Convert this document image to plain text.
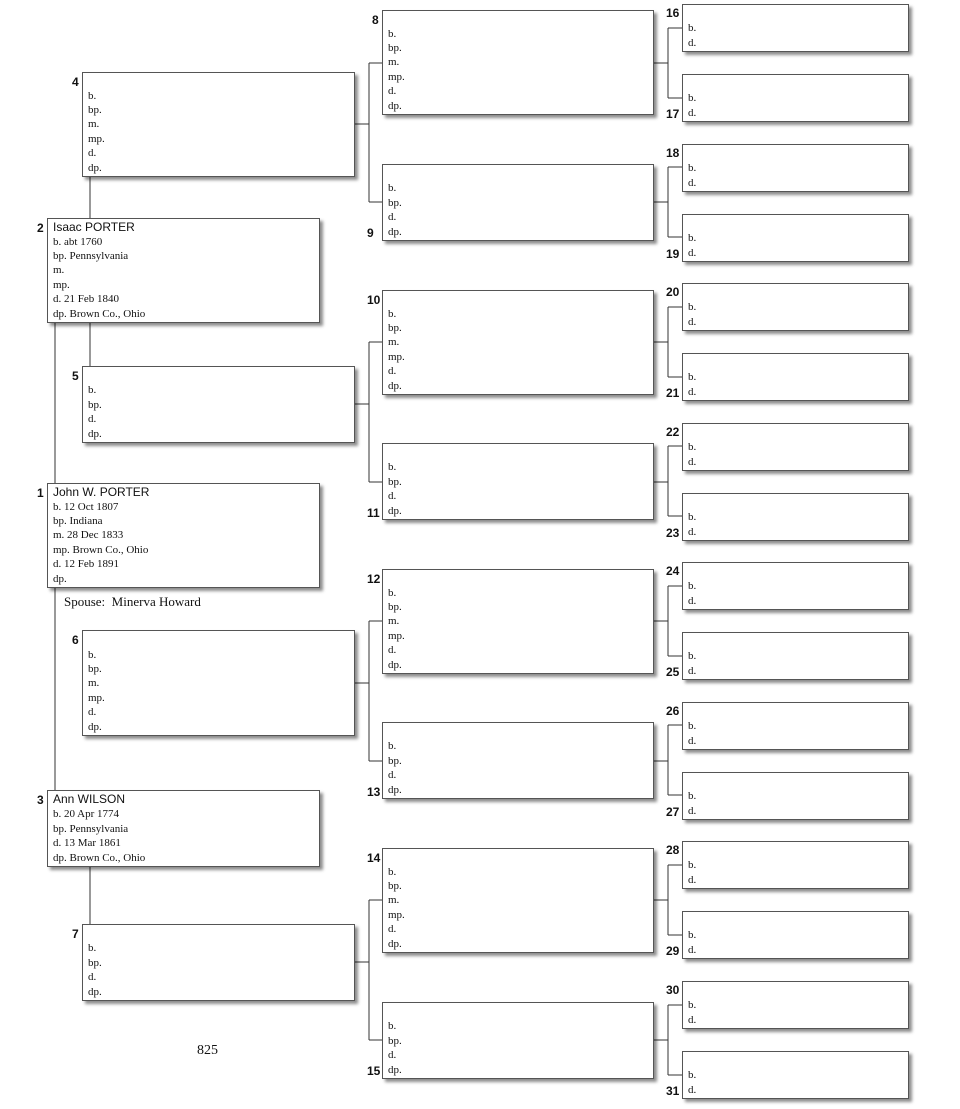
1 John W. PORTER
b. 12 Oct 1807
bp. Indiana
m. 28 Dec 1833
mp. Brown Co., Ohio
d. 12 Feb 1891
dp.
2 Isaac PORTER
b. abt 1760
bp. Pennsylvania
m.
mp.
d. 21 Feb 1840
dp. Brown Co., Ohio
3 Ann WILSON
b. 20 Apr 1774
bp. Pennsylvania
d. 13 Mar 1861
dp. Brown Co., Ohio
4
b.
bp.
m.
mp.
d.
dp.
5
b.
bp.
d.
dp.
6
b.
bp.
m.
mp.
d.
dp.
7
b.
bp.
d.
dp.
8
b.
bp.
m.
mp.
d.
dp.
9
b.
bp.
d.
dp.
10
b.
bp.
m.
mp.
d.
dp.
11
b.
bp.
d.
dp.
12
b.
bp.
m.
mp.
d.
dp.
13
b.
bp.
d.
dp.
14
b.
bp.
m.
mp.
d.
dp.
15
b.
bp.
d.
dp.
16
b.
d.
17
b.
d.
18
b.
d.
19
b.
d.
20
b.
d.
21
b.
d.
22
b.
d.
23
b.
d.
24
b.
d.
25
b.
d.
26
b.
d.
27
b.
d.
28
b.
d.
29
b.
d.
30
b.
d.
31
b.
d.
Spouse: Minerva Howard
825
